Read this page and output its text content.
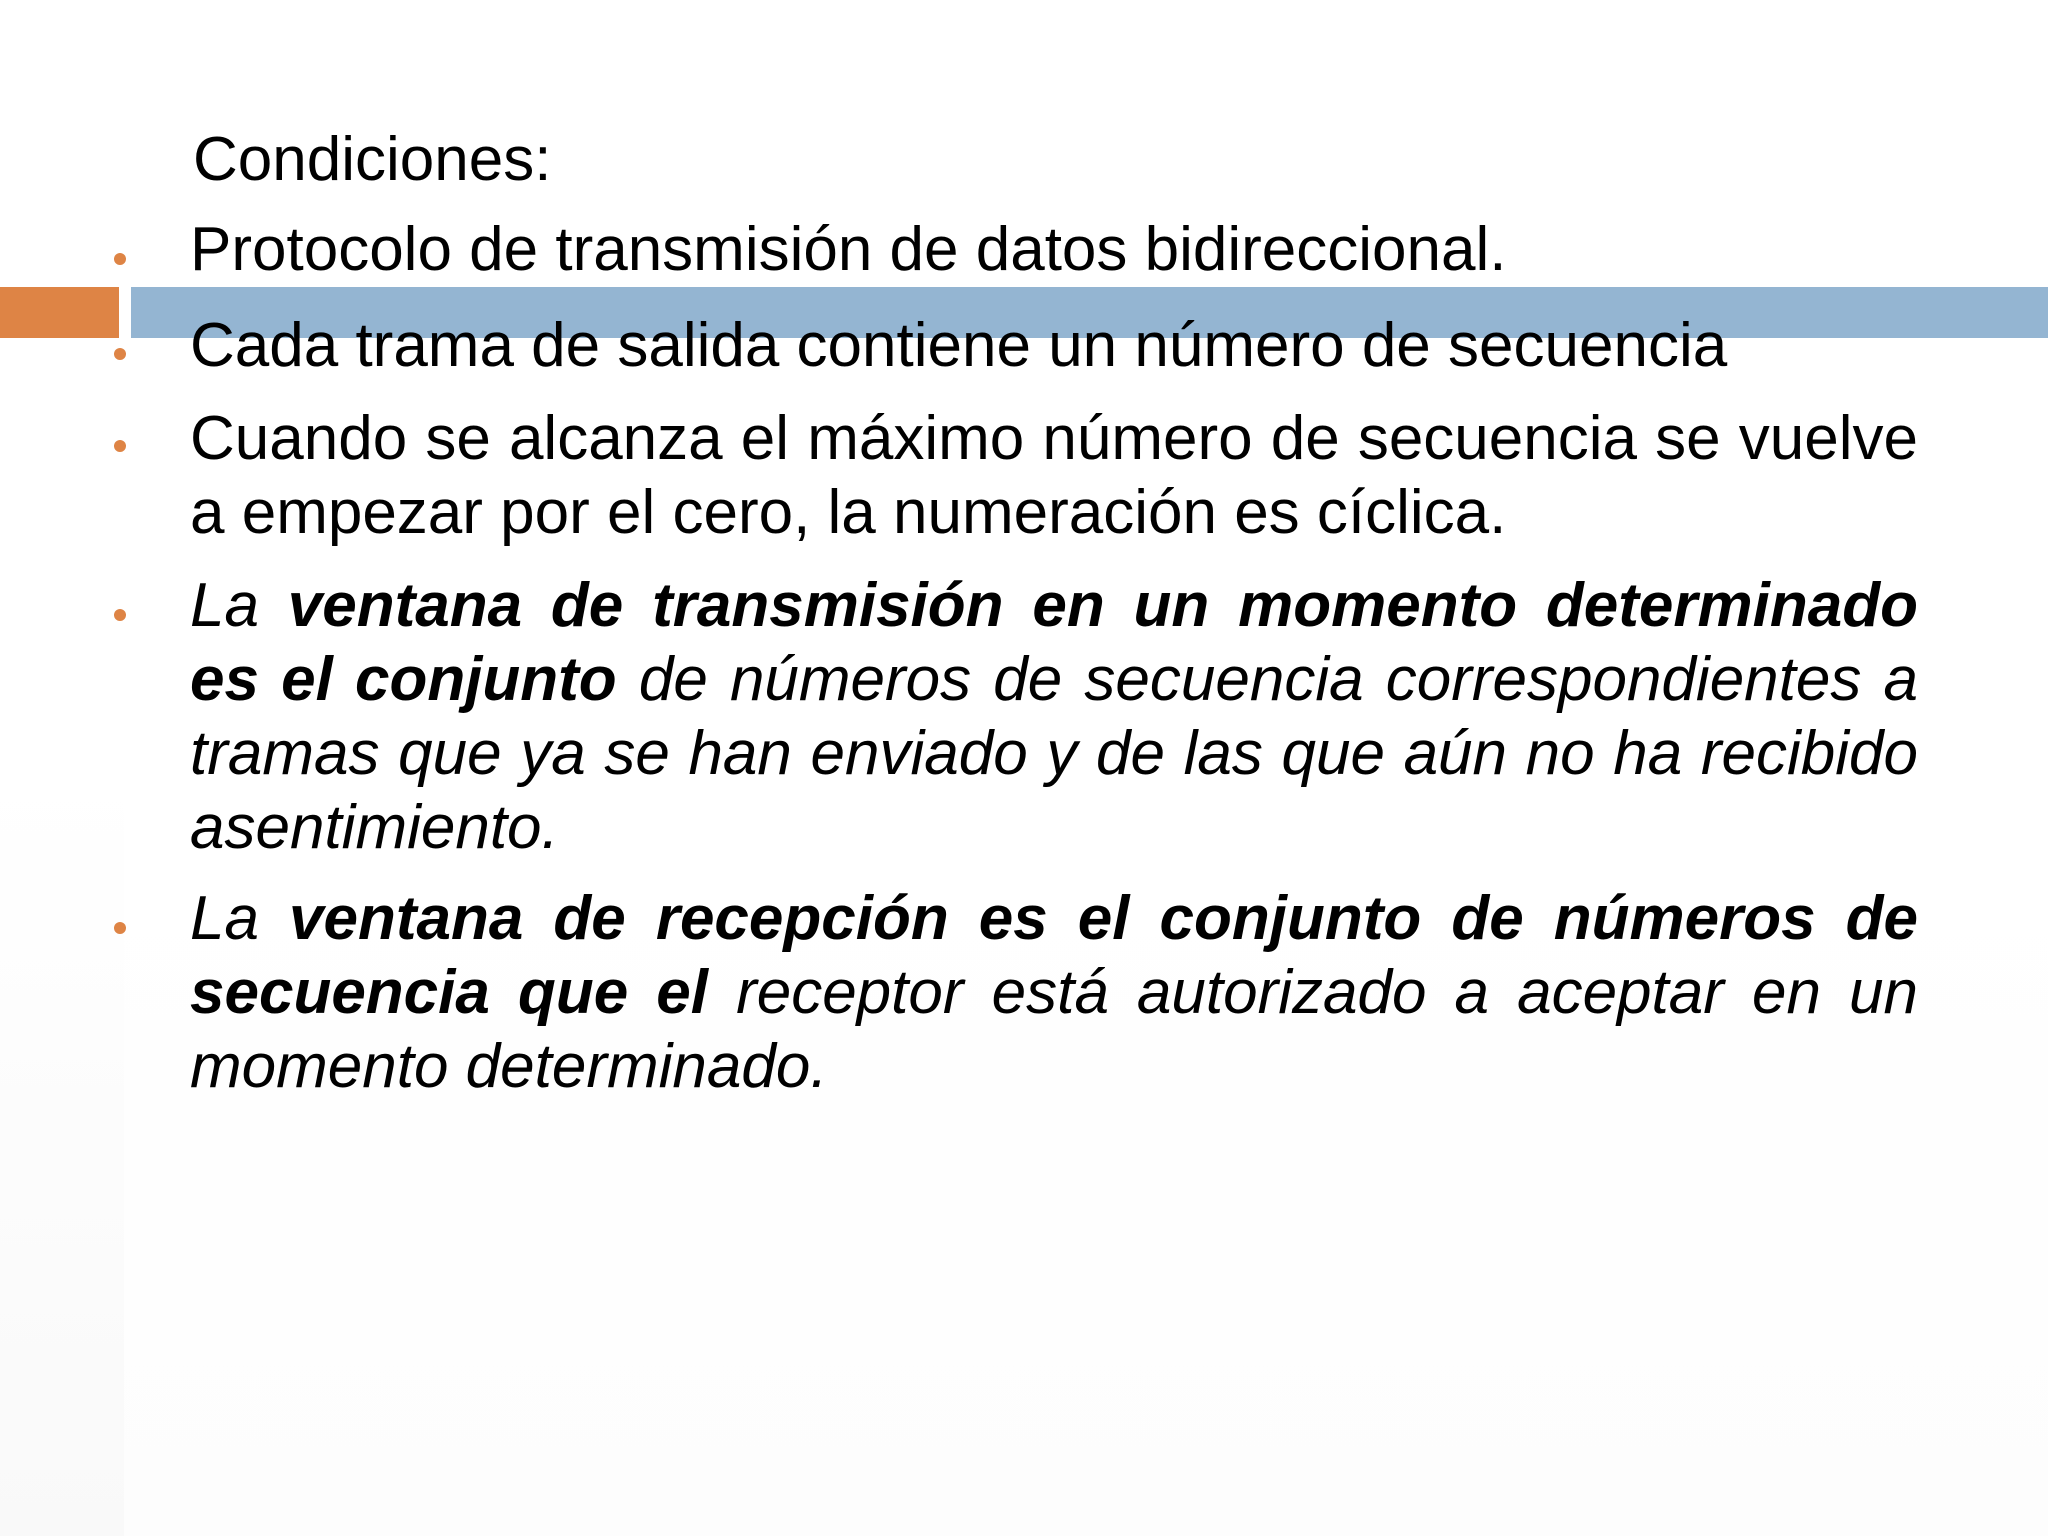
Condiciones:
Protocolo de transmisión de datos bidireccional.
Cada trama de salida contiene un número de secuencia
Cuando se alcanza el máximo número de secuencia se vuelve a empezar por el cero, la numeración es cíclica.
La ventana de transmisión en un momento determinado es el conjunto de números de secuencia correspondientes a tramas que ya se han enviado y de las que aún no ha recibido asentimiento.
La ventana de recepción es el conjunto de números de secuencia que el receptor está autorizado a aceptar en un momento determinado.
